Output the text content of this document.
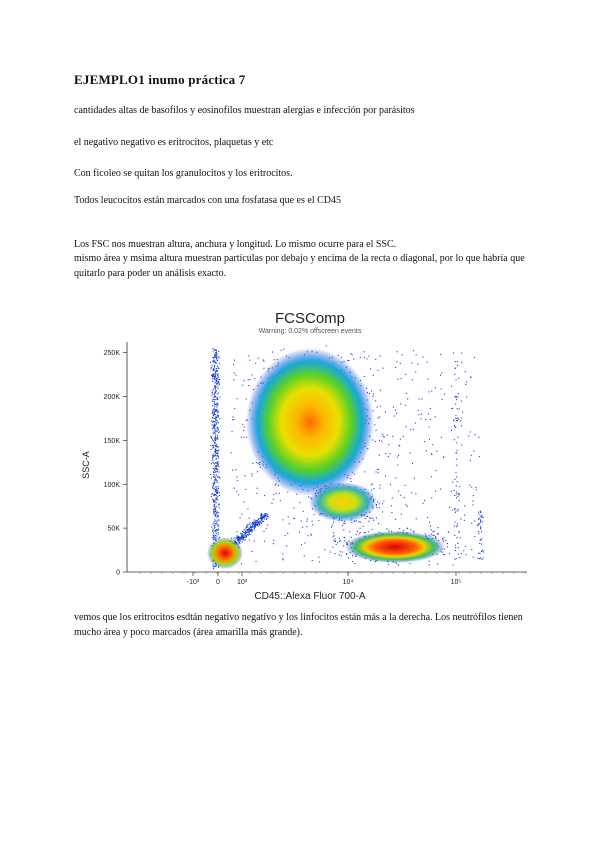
EJEMPLO1 inumo práctica 7
cantidades altas de basofilos y eosinofilos muestran alergias e infección por parásitos
el negativo negativo es eritrocitos, plaquetas y etc
Con ficoleo se quitan los granulocitos y los eritrocitos.
Todos leucocitos están marcados con una fosfatasa que es el CD45
Los FSC nos muestran altura, anchura y longitud. Lo mismo ocurre para el SSC.
mismo área y msima altura muestran partículas por debajo y encima de la recta o diagonal, por lo que habría que quitarlo para poder un análisis exacto.
FCSComp
Warning: 0.02% offscreen events
SSC-A
0
50K
100K
150K
200K
250K
-10³ 0 10³	10⁴	10⁵
CD45::Alexa Fluor 700-A
vemos que los eritrocitos esdtán negativo negativo y los linfocitos están más a la derecha. Los neutrófilos tienen mucho área y poco marcados (área amarilla más grande).
